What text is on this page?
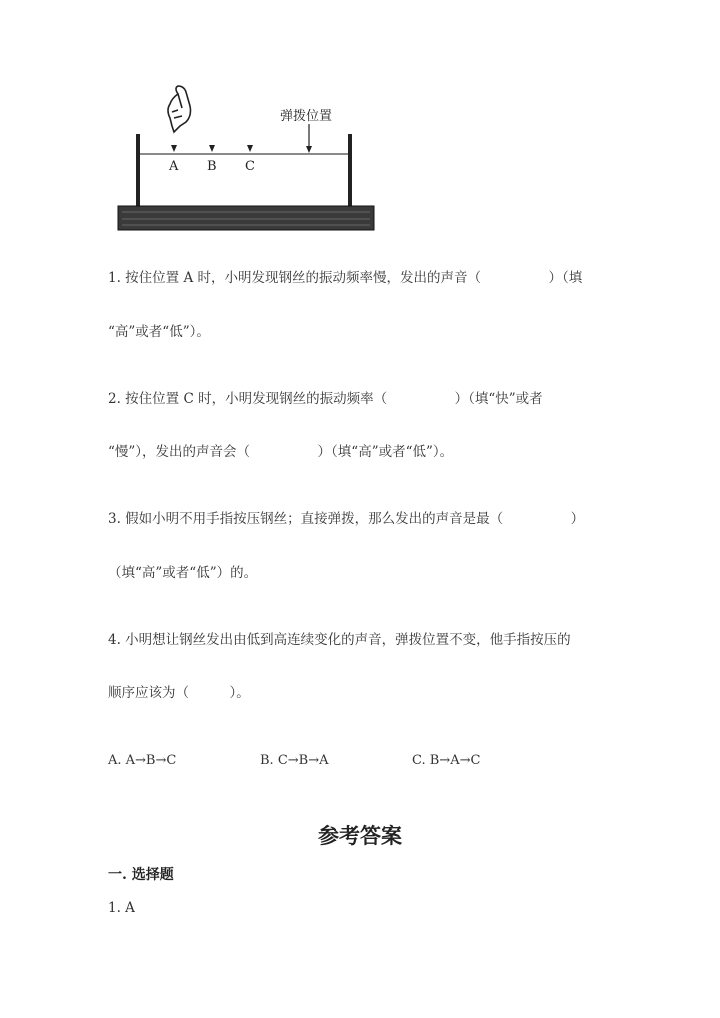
弹拨位置
A B C
1. 按住位置 A 时，小明发现钢丝的振动频率慢，发出的声音（　　　　　）（填
“高”或者“低”）。
2. 按住位置 C 时，小明发现钢丝的振动频率（　　　　　）（填“快”或者
“慢”），发出的声音会（　　　　　）（填“高”或者“低”）。
3. 假如小明不用手指按压钢丝；直接弹拨，那么发出的声音是最（　　　　　）
（填“高”或者“低”）的。
4. 小明想让钢丝发出由低到高连续变化的声音，弹拨位置不变，他手指按压的
顺序应该为（　　　）。
A. A→B→C	B. C→B→A	C. B→A→C
参考答案
一. 选择题
1. A
